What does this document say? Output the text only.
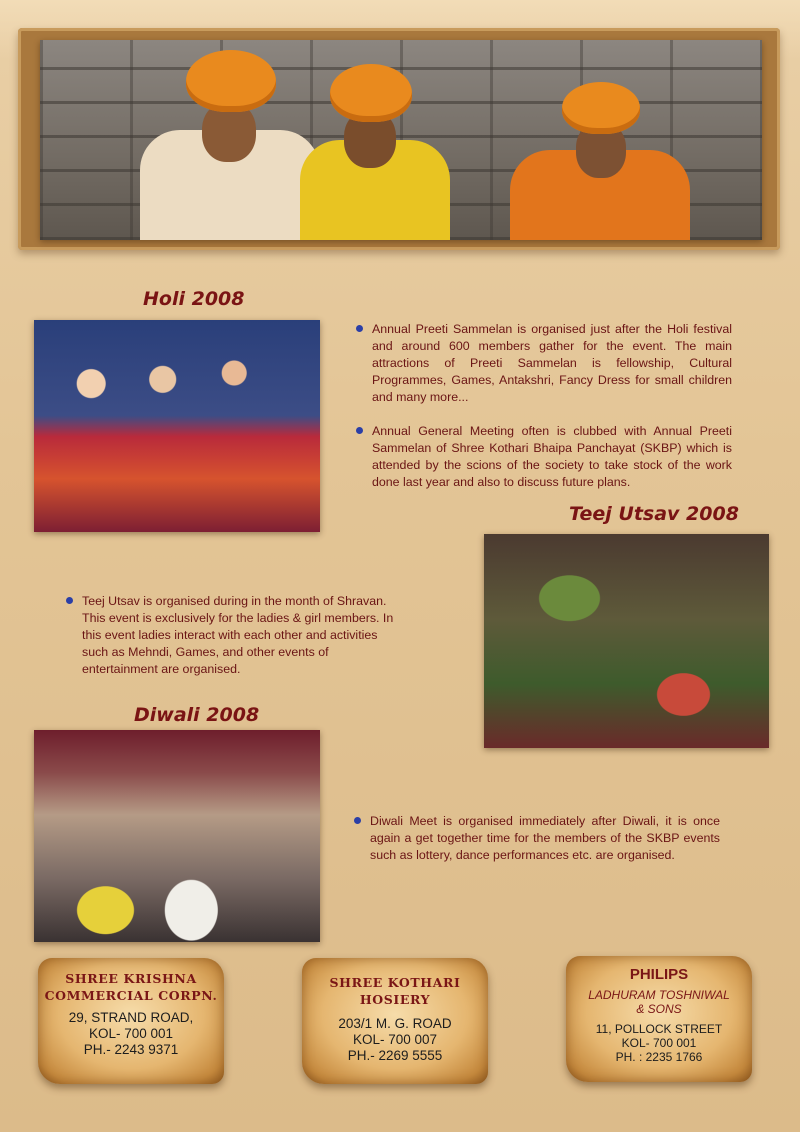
Holi 2008

Annual Preeti Sammelan is organised just after the Holi festival and around 600 members gather for the event. The main attractions of Preeti Sammelan is fellowship, Cultural Programmes, Games, Antakshri, Fancy Dress for small children and many more...

Annual General Meeting often is clubbed with Annual Preeti Sammelan of Shree Kothari Bhaipa Panchayat (SKBP) which is attended by the scions of the society to take stock of the work done last year and also to discuss future plans.

Teej Utsav 2008

Teej Utsav is organised during in the month of Shravan. This event is exclusively for the ladies & girl members. In this event ladies interact with each other and activities such as Mehndi, Games, and other events of entertainment are organised.

Diwali 2008

Diwali Meet is organised immediately after Diwali, it is once again a get together time for the members of the SKBP events such as lottery, dance performances etc. are organised.

SHREE KRISHNA
COMMERCIAL CORPN.
29, STRAND ROAD,
KOL- 700 001
PH.- 2243 9371
SHREE KOTHARI
HOSIERY
203/1 M. G. ROAD
KOL- 700 007
PH.- 2269 5555
PHILIPS
LADHURAM TOSHNIWAL
& SONS
11, POLLOCK STREET
KOL- 700 001
PH. : 2235 1766
